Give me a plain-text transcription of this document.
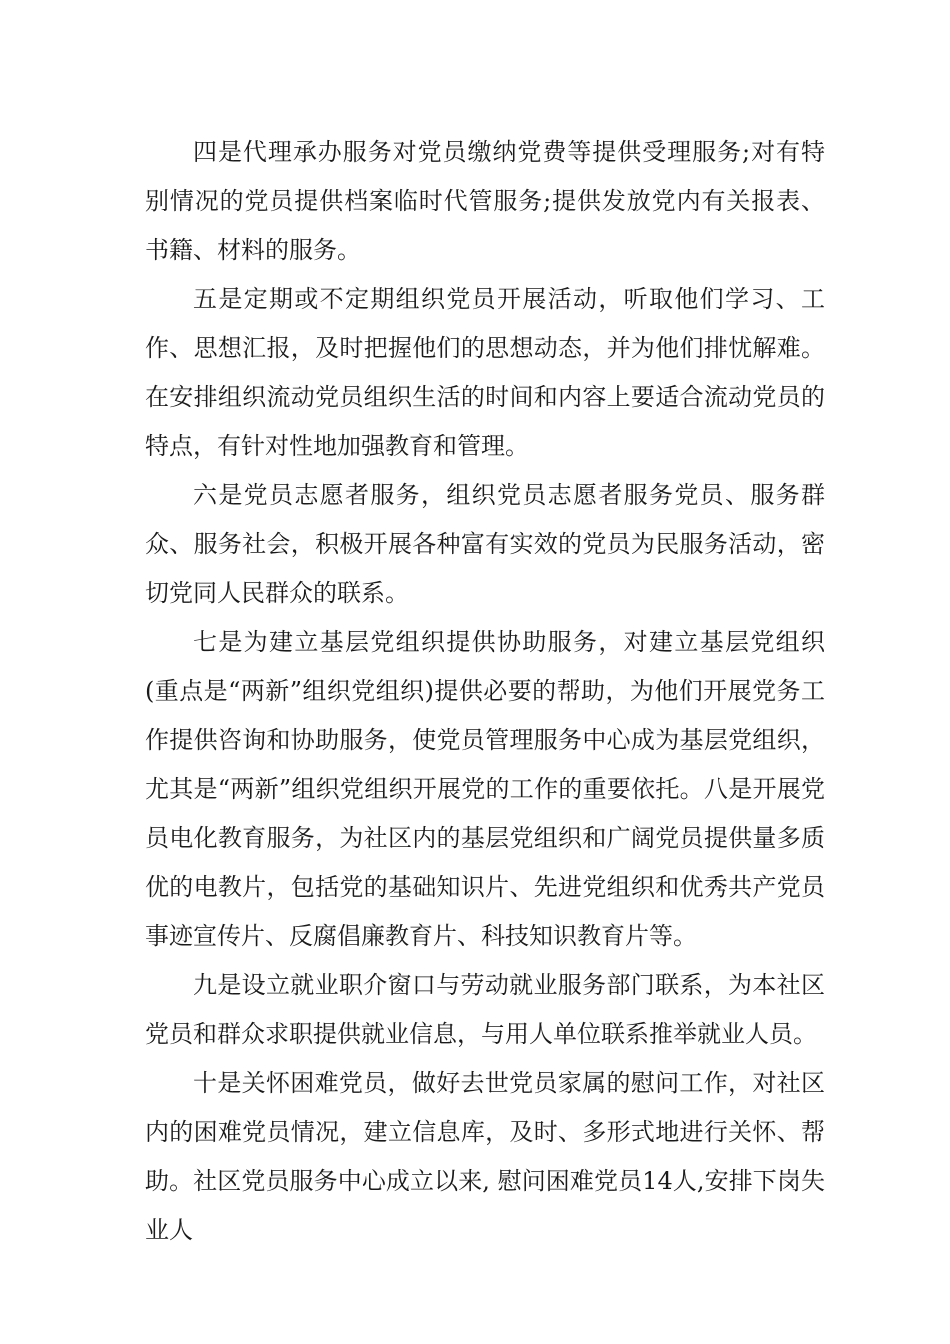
四是代理承办服务对党员缴纳党费等提供受理服务;对有特别情况的党员提供档案临时代管服务;提供发放党内有关报表、书籍、材料的服务。

五是定期或不定期组织党员开展活动，听取他们学习、工作、思想汇报，及时把握他们的思想动态，并为他们排忧解难。在安排组织流动党员组织生活的时间和内容上要适合流动党员的特点，有针对性地加强教育和管理。

六是党员志愿者服务，组织党员志愿者服务党员、服务群众、服务社会，积极开展各种富有实效的党员为民服务活动，密切党同人民群众的联系。

七是为建立基层党组织提供协助服务，对建立基层党组织(重点是“两新”组织党组织)提供必要的帮助，为他们开展党务工作提供咨询和协助服务，使党员管理服务中心成为基层党组织，尤其是“两新”组织党组织开展党的工作的重要依托。八是开展党员电化教育服务，为社区内的基层党组织和广阔党员提供量多质优的电教片，包括党的基础知识片、先进党组织和优秀共产党员事迹宣传片、反腐倡廉教育片、科技知识教育片等。

九是设立就业职介窗口与劳动就业服务部门联系，为本社区党员和群众求职提供就业信息，与用人单位联系推举就业人员。

十是关怀困难党员，做好去世党员家属的慰问工作，对社区内的困难党员情况，建立信息库，及时、多形式地进行关怀、帮助。社区党员服务中心成立以来, 慰问困难党员14人,安排下岗失业人
